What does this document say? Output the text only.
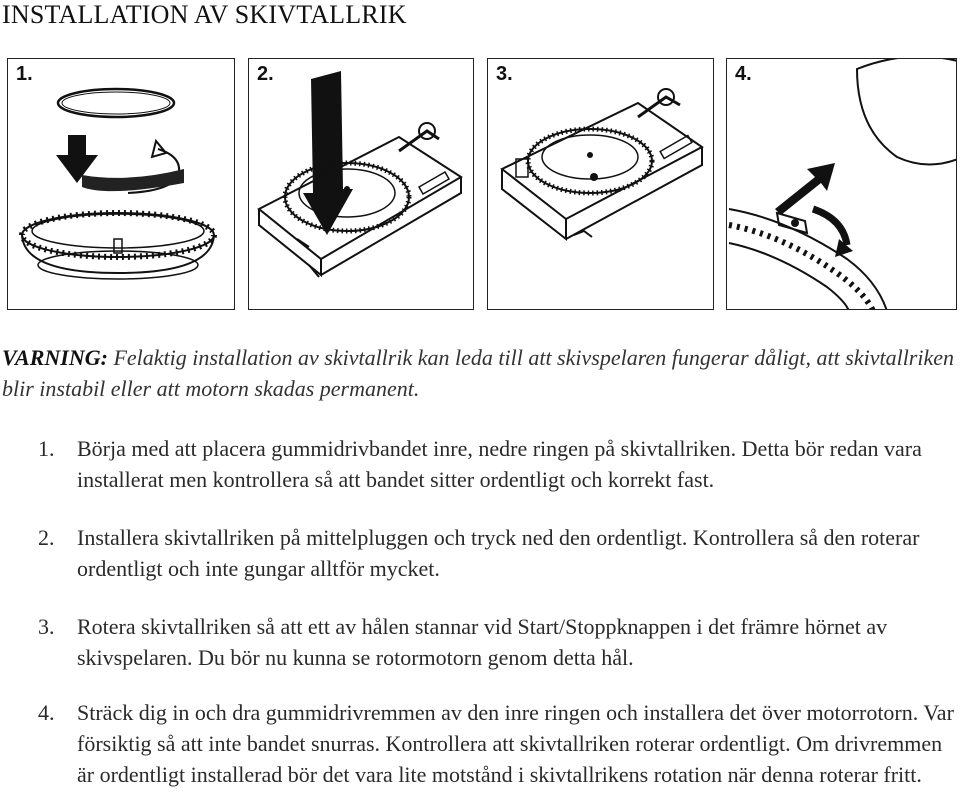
INSTALLATION AV SKIVTALLRIK
1.	2.	3.	4.
VARNING: Felaktig installation av skivtallrik kan leda till att skivspelaren fungerar dåligt, att skivtallriken blir instabil eller att motorn skadas permanent.
1.	Börja med att placera gummidrivbandet inre, nedre ringen på skivtallriken. Detta bör redan vara installerat men kontrollera så att bandet sitter ordentligt och korrekt fast.
2.	Installera skivtallriken på mittelpluggen och tryck ned den ordentligt. Kontrollera så den roterar ordentligt och inte gungar alltför mycket.
3.	Rotera skivtallriken så att ett av hålen stannar vid Start/Stoppknappen i det främre hörnet av skivspelaren. Du bör nu kunna se rotormotorn genom detta hål.
4.	Sträck dig in och dra gummidrivremmen av den inre ringen och installera det över motorrotorn. Var försiktig så att inte bandet snurras. Kontrollera att skivtallriken roterar ordentligt. Om drivremmen är ordentligt installerad bör det vara lite motstånd i skivtallrikens rotation när denna roterar fritt.
